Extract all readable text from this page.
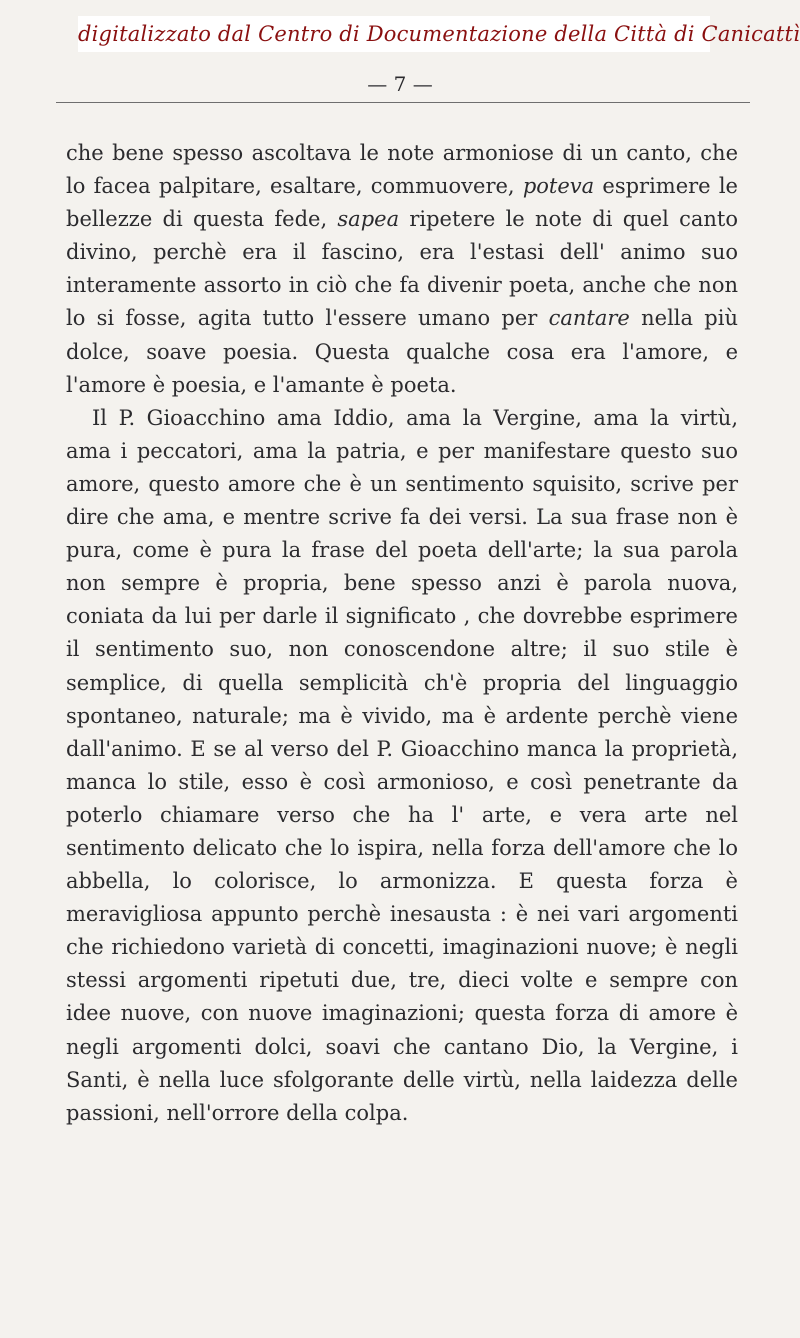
digitalizzato dal Centro di Documentazione della Città di Canicattì
— 7 —

che bene spesso ascoltava le note armoniose di un canto, che lo facea palpitare, esaltare, commuovere, poteva esprimere le bellezze di questa fede, sapea ripetere le note di quel canto divino, perchè era il fascino, era l'estasi dell' animo suo interamente assorto in ciò che fa divenir poeta, anche che non lo si fosse, agita tutto l'essere umano per cantare nella più dolce, soave poesia. Questa qualche cosa era l'amore, e l'amore è poesia, e l'amante è poeta.

Il P. Gioacchino ama Iddio, ama la Vergine, ama la virtù, ama i peccatori, ama la patria, e per manifestare questo suo amore, questo amore che è un sentimento squisito, scrive per dire che ama, e mentre scrive fa dei versi. La sua frase non è pura, come è pura la frase del poeta dell'arte; la sua parola non sempre è propria, bene spesso anzi è parola nuova, coniata da lui per darle il significato , che dovrebbe esprimere il sentimento suo, non conoscendone altre; il suo stile è semplice, di quella semplicità ch'è propria del linguaggio spontaneo, naturale; ma è vivido, ma è ardente perchè viene dall'animo. E se al verso del P. Gioacchino manca la proprietà, manca lo stile, esso è così armonioso, e così penetrante da poterlo chiamare verso che ha l' arte, e vera arte nel sentimento delicato che lo ispira, nella forza dell'amore che lo abbella, lo colorisce, lo armonizza. E questa forza è meravigliosa appunto perchè inesausta : è nei vari argomenti che richiedono varietà di concetti, imaginazioni nuove; è negli stessi argomenti ripetuti due, tre, dieci volte e sempre con idee nuove, con nuove imaginazioni; questa forza di amore è negli argomenti dolci, soavi che cantano Dio, la Vergine, i Santi, è nella luce sfolgorante delle virtù, nella laidezza delle passioni, nell'orrore della colpa.
